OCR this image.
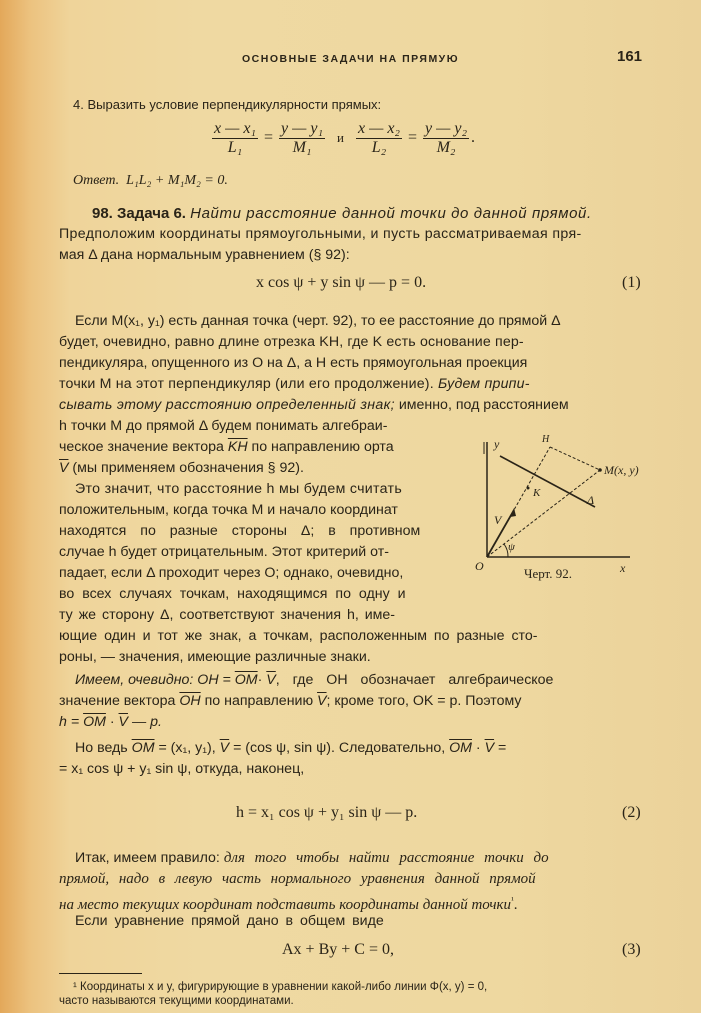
ОСНОВНЫЕ ЗАДАЧИ НА ПРЯМУЮ	161
4. Выразить условие перпендикулярности прямых:
$\frac{\text{x — x₁}}{\text{L₁}} = \frac{\text{y — y₁}}{\text{M₁}}$ и $\frac{\text{x — x₂}}{\text{L₂}} = \frac{\text{y — y₂}}{\text{M₂}}$ .
Ответ. L₁L₂ + M₁M₂ = 0.
98. Задача 6. Найти расстояние данной точки до данной прямой.
Предположим координаты прямоугольными, и пусть рассматриваемая пря-
мая Δ дана нормальным уравнением (§ 92):
x cos ψ + y sin ψ — p = 0.	(1)
Если M(x₁, y₁) есть данная точка (черт. 92), то ее расстояние до прямой Δ
будет, очевидно, равно длине отрезка KH, где K есть основание пер-
пендикуляра, опущенного из O на Δ, а H есть прямоугольная проекция
точки M на этот перпендикуляр (или его продолжение). Будем припи-
сывать этому расстоянию определенный знак; именно, под расстоянием
h точки M до прямой Δ будем понимать алгебраи-
ческое значение вектора $\overline{KH}$ по направлению орта
$\overline{V}$ (мы применяем обозначения § 92).
Это значит, что расстояние h мы будем считать
положительным, когда точка M и начало координат
находятся по разные стороны Δ; в противном
случае h будет отрицательным. Этот критерий от-
падает, если Δ проходит через O; однако, очевидно,
во всех случаях точкам, находящимся по одну и
ту же сторону Δ, соответствуют значения h, име-
ющие один и тот же знак, а точкам, расположенным по разные сто-
роны, — значения, имеющие различные знаки.
y
x
O
H
K
M(x, y)
Δ
V
ψ
Черт. 92.
Имеем, очевидно: OH = $\overline{OM}\cdot \overline{V}$, где OH обозначает алгебраическое
значение вектора $\overline{OH}$ по направлению $\overline{V}$; кроме того, OK = p. Поэтому
$h = \overline{OM} \cdot \overline{V}$ — p.
Но ведь $\overline{OM} = (x_1$, y₁), $\overline{V} = (\cos$ ψ, sin ψ). Следовательно, $\overline{OM} \cdot \overline{V}$ =
= x₁ cos ψ + y₁ sin ψ, откуда, наконец,
h = x₁ cos ψ + y₁ sin ψ — p.	(2)
Итак, имеем правило: для того чтобы найти расстояние точки до
прямой, надо в левую часть нормального уравнения данной прямой
на место текущих координат подставить координаты данной точки$^{^1}$.
Если уравнение прямой дано в общем виде
Ax + By + C = 0,	(3)
¹ Координаты x и y, фигурирующие в уравнении какой-либо линии Φ(x, y) = 0,
часто называются текущими координатами.
